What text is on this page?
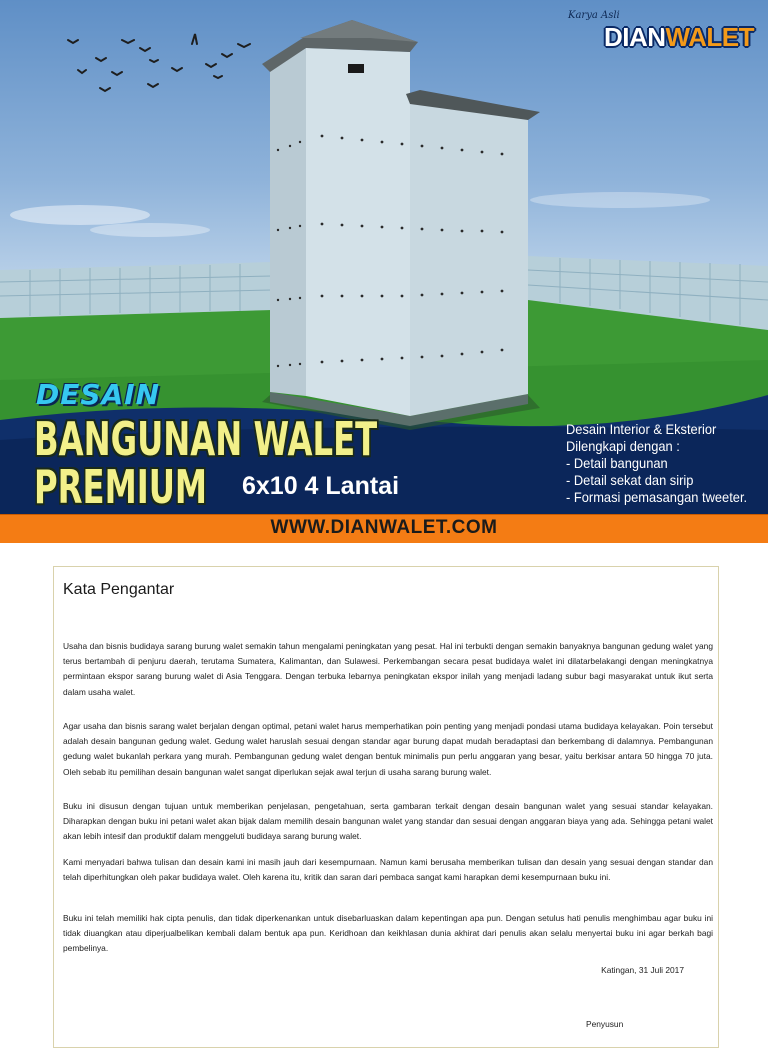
Karya Asli
DIANWALET
DESAIN
BANGUNAN WALET
PREMIUM 6x10 4 Lantai
Desain Interior & Eksterior
Dilengkapi dengan :
- Detail bangunan
- Detail sekat dan sirip
- Formasi pemasangan tweeter.
WWW.DIANWALET.COM
Kata Pengantar

Usaha dan bisnis budidaya sarang burung walet semakin tahun mengalami peningkatan yang pesat. Hal ini terbukti dengan semakin banyaknya bangunan gedung walet yang terus bertambah di penjuru daerah, terutama Sumatera, Kalimantan, dan Sulawesi. Perkembangan secara pesat budidaya walet ini dilatarbelakangi dengan meningkatnya permintaan ekspor sarang burung walet di Asia Tenggara. Dengan terbuka lebarnya peningkatan ekspor inilah yang menjadi ladang subur bagi masyarakat untuk ikut serta dalam usaha walet.

Agar usaha dan bisnis sarang walet berjalan dengan optimal, petani walet harus memperhatikan poin penting yang menjadi pondasi utama budidaya kelayakan. Poin tersebut adalah desain bangunan gedung walet. Gedung walet haruslah sesuai dengan standar agar burung dapat mudah beradaptasi dan berkembang di dalamnya. Pembangunan gedung walet bukanlah perkara yang murah. Pembangunan gedung walet dengan bentuk minimalis pun perlu anggaran yang besar, yaitu berkisar antara 50 hingga 70 juta. Oleh sebab itu pemilihan desain bangunan walet sangat diperlukan sejak awal terjun di usaha sarang burung walet.

Buku ini disusun dengan tujuan untuk memberikan penjelasan, pengetahuan, serta gambaran terkait dengan desain bangunan walet yang sesuai standar kelayakan. Diharapkan dengan buku ini petani walet akan bijak dalam memilih desain bangunan walet yang standar dan sesuai dengan anggaran biaya yang ada. Sehingga petani walet akan lebih intesif dan produktif dalam menggeluti budidaya sarang burung walet.

Kami menyadari bahwa tulisan dan desain kami ini masih jauh dari kesempurnaan. Namun kami berusaha memberikan tulisan dan desain yang sesuai dengan standar dan telah diperhitungkan oleh pakar budidaya walet. Oleh karena itu, kritik dan saran dari pembaca sangat kami harapkan demi kesempurnaan buku ini.

Buku ini telah memiliki hak cipta penulis, dan tidak diperkenankan untuk disebarluaskan dalam kepentingan apa pun. Dengan setulus hati penulis menghimbau agar buku ini tidak diuangkan atau diperjualbelikan kembali dalam bentuk apa pun. Keridhoan dan keikhlasan dunia akhirat dari penulis akan selalu menyertai buku ini agar berkah bagi pembelinya.

Katingan, 31 Juli 2017
Penyusun
